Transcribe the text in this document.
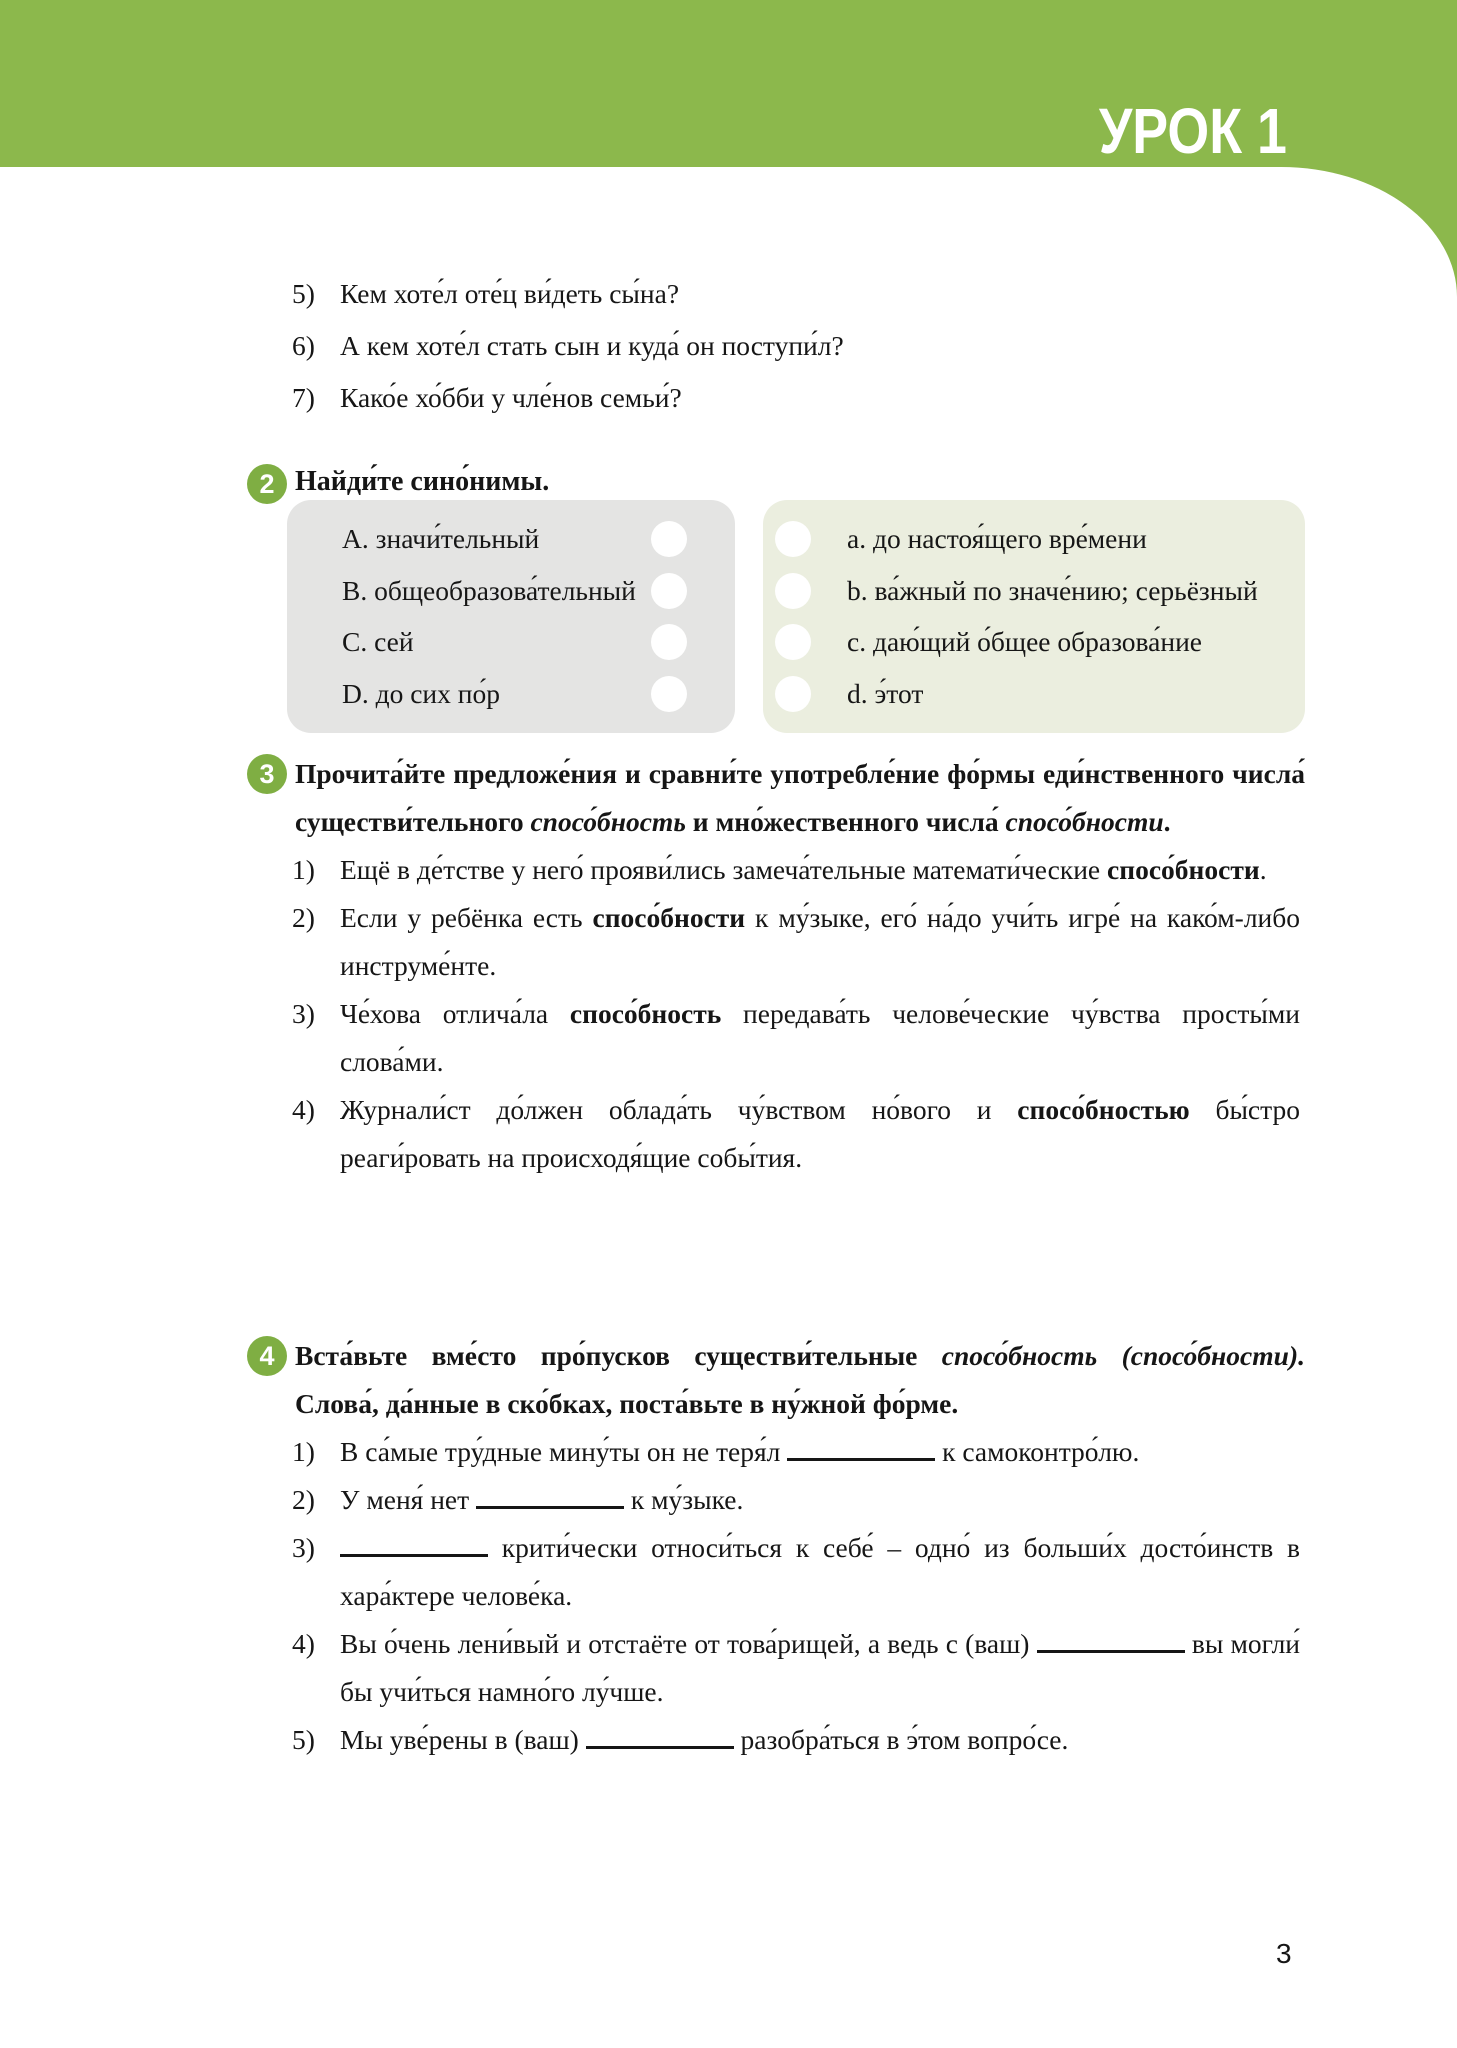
УРОК 1
5) Кем хоте́л оте́ц ви́деть сы́на?
6) А кем хоте́л стать сын и куда́ он поступи́л?
7) Како́е хо́бби у чле́нов семьи́?
2 Найди́те сино́нимы.
A. значи́тельный
B. общеобразова́тельный
C. сей
D. до сих по́р
a. до настоя́щего вре́мени
b. ва́жный по значе́нию; серьёзный
c. даю́щий о́бщее образова́ние
d. э́тот
3 Прочита́йте предложе́ния и сравни́те употребле́ние фо́рмы еди́нственного числа́ существи́тельного спосо́бность и мно́жественного числа́ спосо́бности.
1) Ещё в де́тстве у него́ прояви́лись замеча́тельные математи́ческие спосо́бности.
2) Если у ребёнка есть спосо́бности к му́зыке, его́ на́до учи́ть игре́ на како́м-либо инструме́нте.
3) Че́хова отлича́ла спосо́бность передава́ть челове́ческие чу́вства просты́ми слова́ми.
4) Журнали́ст до́лжен облада́ть чу́вством но́вого и спосо́бностью бы́стро реаги́ровать на происходя́щие собы́тия.
4 Вста́вьте вме́сто про́пусков существи́тельные спосо́бность (спосо́бности). Слова́, да́нные в ско́бках, поста́вьте в ну́жной фо́рме.
1) В са́мые тру́дные мину́ты он не теря́л	к самоконтро́лю.
2) У меня́ нет	к му́зыке.
3)	крити́чески относи́ться к себе́ – одно́ из больши́х досто́инств в хара́ктере челове́ка.
4) Вы о́чень лени́вый и отстаёте от това́рищей, а ведь с (ваш)	вы могли́ бы учи́ться намно́го лу́чше.
5) Мы уве́рены в (ваш)	разобра́ться в э́том вопро́се.
3
